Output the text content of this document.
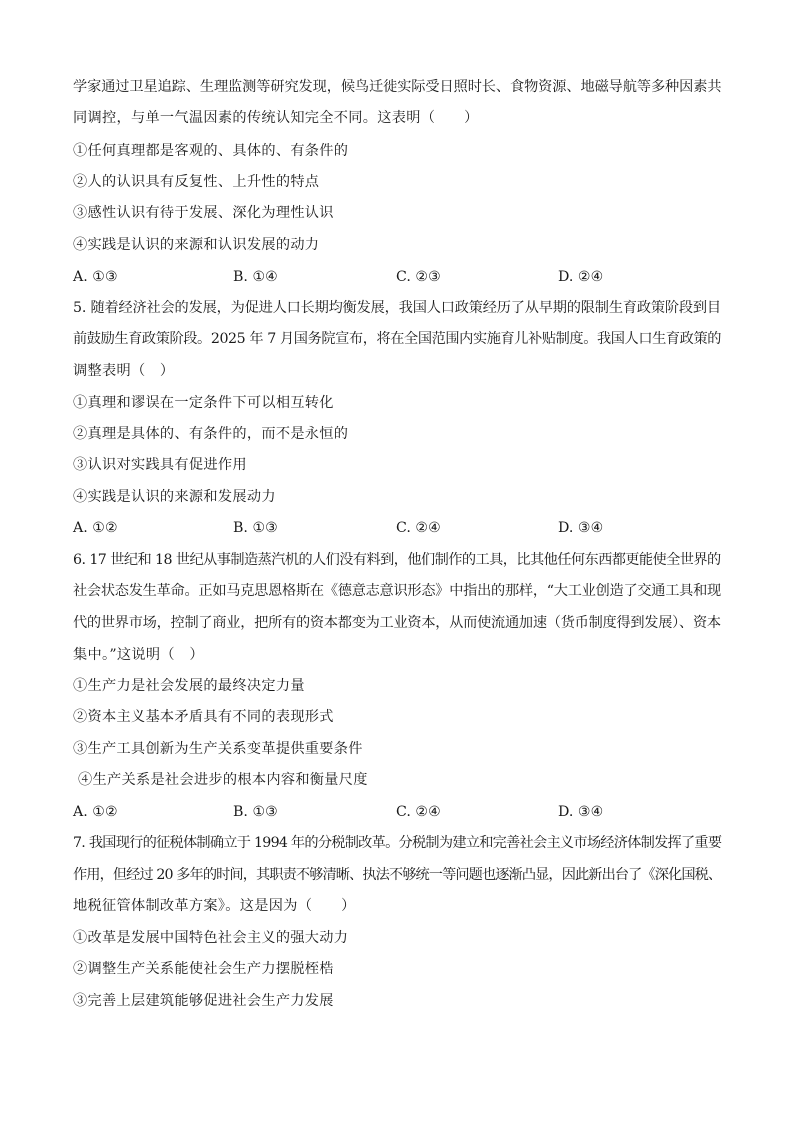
学家通过卫星追踪、生理监测等研究发现，候鸟迁徙实际受日照时长、食物资源、地磁导航等多种因素共
同调控，与单一气温因素的传统认知完全不同。这表明（　　）
①任何真理都是客观的、具体的、有条件的
②人的认识具有反复性、上升性的特点
③感性认识有待于发展、深化为理性认识
④实践是认识的来源和认识发展的动力
A. ①③	B. ①④	C. ②③	D. ②④
5. 随着经济社会的发展，为促进人口长期均衡发展，我国人口政策经历了从早期的限制生育政策阶段到目
前鼓励生育政策阶段。2025 年 7 月国务院宣布，将在全国范围内实施育儿补贴制度。我国人口生育政策的
调整表明（　）
①真理和谬误在一定条件下可以相互转化
②真理是具体的、有条件的，而不是永恒的
③认识对实践具有促进作用
④实践是认识的来源和发展动力
A. ①②	B. ①③	C. ②④	D. ③④
6. 17 世纪和 18 世纪从事制造蒸汽机的人们没有料到，他们制作的工具，比其他任何东西都更能使全世界的
社会状态发生革命。正如马克思恩格斯在《德意志意识形态》中指出的那样，“大工业创造了交通工具和现
代的世界市场，控制了商业，把所有的资本都变为工业资本，从而使流通加速（货币制度得到发展）、资本
集中。”这说明（　）
①生产力是社会发展的最终决定力量
②资本主义基本矛盾具有不同的表现形式
③生产工具创新为生产关系变革提供重要条件
④生产关系是社会进步的根本内容和衡量尺度
A. ①②	B. ①③	C. ②④	D. ③④
7. 我国现行的征税体制确立于 1994 年的分税制改革。分税制为建立和完善社会主义市场经济体制发挥了重要
作用，但经过 20 多年的时间，其职责不够清晰、执法不够统一等问题也逐渐凸显，因此新出台了《深化国税、
地税征管体制改革方案》。这是因为（　　）
①改革是发展中国特色社会主义的强大动力
②调整生产关系能使社会生产力摆脱桎梏
③完善上层建筑能够促进社会生产力发展
